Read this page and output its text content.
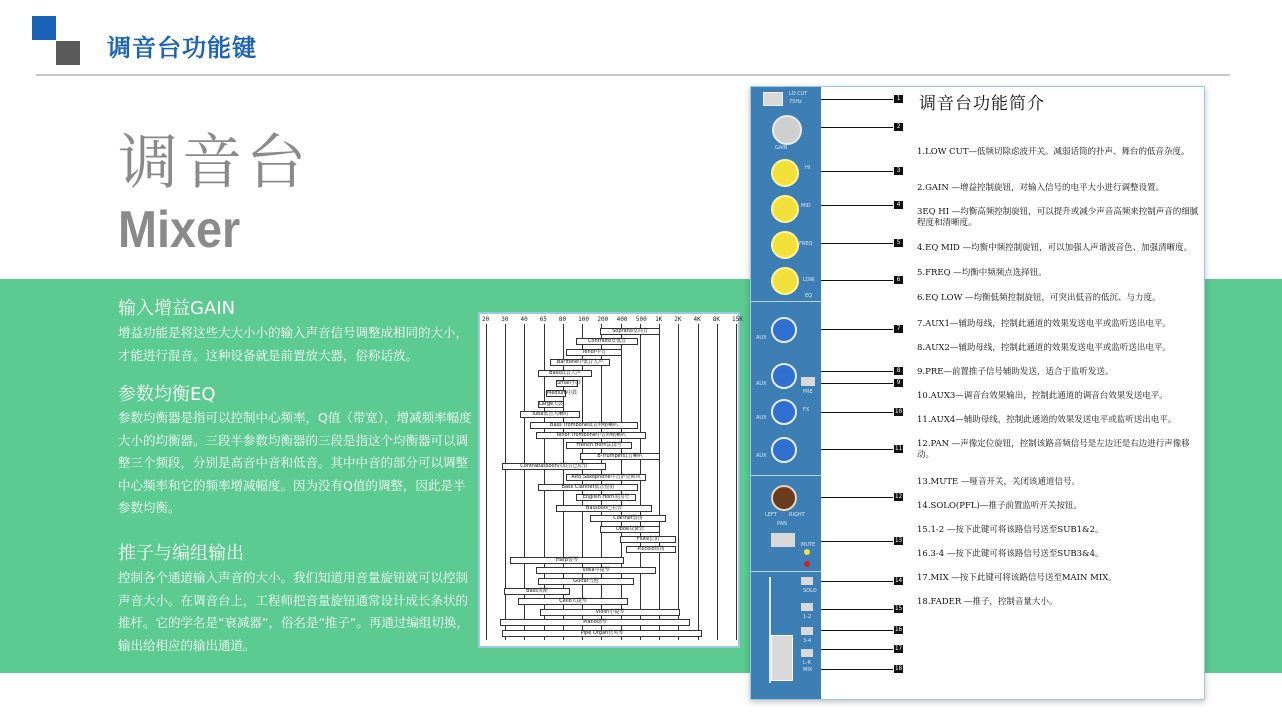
调音台功能键
调音台
Mixer
输入增益GAIN
增益功能是将这些大大小小的输入声音信号调整成相同的大小，才能进行混音。这种设备就是前置放大器，俗称话放。
参数均衡EQ
参数均衡器是指可以控制中心频率，Q值（带宽），增减频率幅度大小的均衡器。三段半参数均衡器的三段是指这个均衡器可以调整三个频段，分别是高音中音和低音。其中中音的部分可以调整中心频率和它的频率增减幅度。因为没有Q值的调整，因此是半参数均衡。
推子与编组输出
控制各个通道输入声音的大小。我们知道用音量旋钮就可以控制声音大小。在调音台上，工程师把音量旋钮通常设计成长条状的推杆。它的学名是“衰减器”，俗名是“推子”。再通过编组切换，输出给相应的输出通道。
20 30 40 65 80 100 200 400 500 1K 2K 4K 8K 15K
Soprano女高音
Contralto女低音
Tenor中音
Baritone中低音人声
Bass低音人声
Small小鼓
Medium中鼓
Large大鼓
Tuba低音大喇叭
Bass Trombone低音伸缩喇叭
Tenor Trombone中音伸缩喇叭
French Horn法国号
B-Trumpet低音喇叭
Contrabassoon次低音巴松管
Alto Saxophone中音萨克斯风
Bass Clarinet低音豎笛
English Horn英国号
Bassoon巴松管
Clarinet豎笛
Oboe双簧管
Flute长笛
Piccolo短笛
Harp豎琴
Viola中提琴
Guitar吉他
Bass贝斯
Cello大提琴
Violin小提琴
Piano钢琴
Pipe Organ管风琴
LO CUT
75Hz
GAIN
HI
MID
FREQ
LOW
EQ
AUX
AUX
PRE
AUX
FX
AUX
LEFT RIGHT
PAN
MUTE
SOLO
1-2
3-4
L-R
MIX
1
2
3
4
5
6
7
8
9
10
11
12
13
14
15
16
17
18
调音台功能简介
1.LOW CUT—低频切除虑波开关。减弱话筒的扑声、舞台的低音杂度。
2.GAIN —增益控制旋钮，对输入信号的电平大小进行调整设置。
3EQ HI —均衡高频控制旋钮，可以提升或减少声音高频来控制声音的细腻程度和清晰度。
4.EQ MID —均衡中频控制旋钮，可以加强人声谐波音色、加强清晰度。
5.FREQ —均衡中频频点选择钮。
6.EQ LOW —均衡低频控制旋钮，可突出低音的低沉、与力度。
7.AUX1—辅助母线，控制此通道的效果发送电平或监听送出电平。
8.AUX2—辅助母线，控制此通道的效果发送电平或监听送出电平。
9.PRE—前置推子信号辅助发送，适合于监听发送。
10.AUX3—调音台效果输出，控制此通道的调音台效果发送电平。
11.AUX4—辅助母线，控制此通道的效果发送电平或监听送出电平。
12.PAN —声像定位旋钮，控制该路音频信号是左边还是右边进行声像移动。
13.MUTE —哑音开关，关闭该通道信号。
14.SOLO(PFL)—推子前置监听开关按钮。
15.1-2 —按下此键可将该路信号送至SUB1&2。
16.3-4 —按下此键可将该路信号送至SUB3&4。
17.MIX —按下此键可将该路信号送至MAIN MIX。
18.FADER —推子，控制音量大小。
